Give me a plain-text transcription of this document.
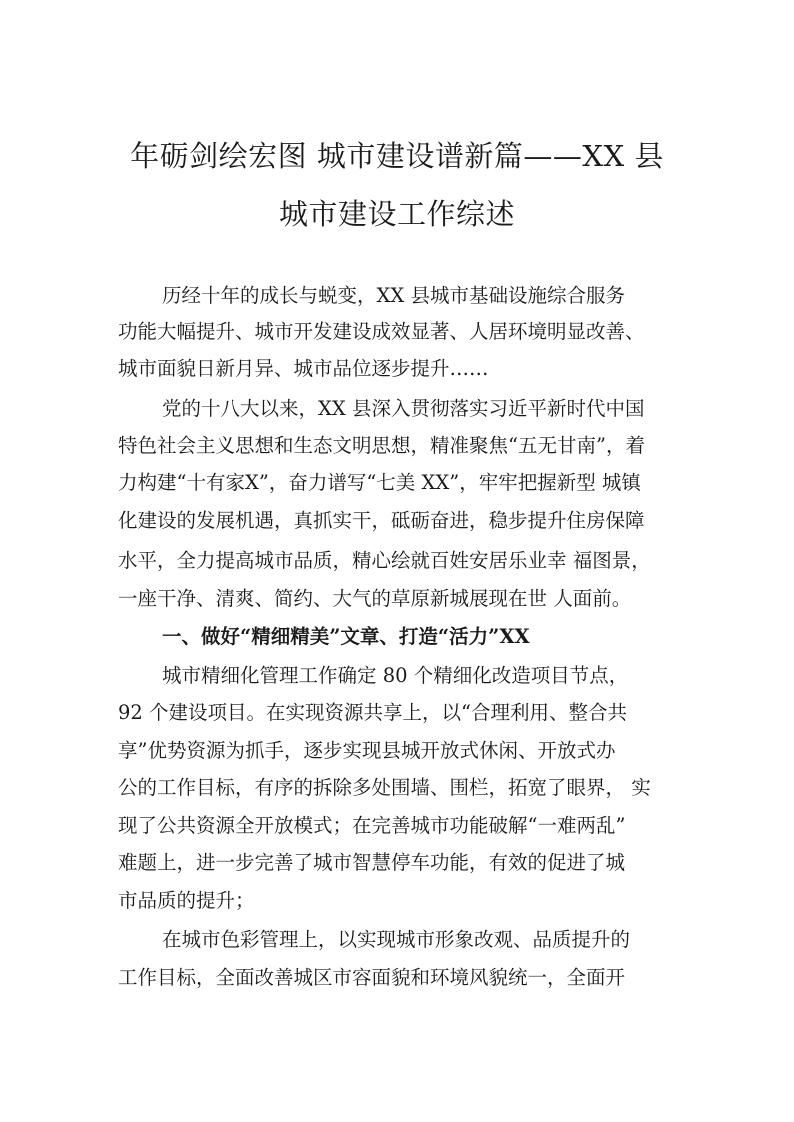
年砺剑绘宏图 城市建设谱新篇——XX 县
城市建设工作综述
历经十年的成长与蜕变，XX 县城市基础设施综合服务
功能大幅提升、城市开发建设成效显著、人居环境明显改善、
城市面貌日新月异、城市品位逐步提升……
党的十八大以来，XX 县深入贯彻落实习近平新时代中国
特色社会主义思想和生态文明思想，精准聚焦“五无甘南”，着
力构建“十有家X”，奋力谱写“七美 XX”，牢牢把握新型 城镇
化建设的发展机遇，真抓实干，砥砺奋进，稳步提升住房保障
水平，全力提高城市品质，精心绘就百姓安居乐业幸 福图景，
一座干净、清爽、简约、大气的草原新城展现在世 人面前。
一、做好“精细精美”文章、打造“活力”XX
城市精细化管理工作确定 80 个精细化改造项目节点，
92 个建设项目。在实现资源共享上，以“合理利用、整合共
享”优势资源为抓手，逐步实现县城开放式休闲、开放式办
公的工作目标，有序的拆除多处围墙、围栏，拓宽了眼界， 实
现了公共资源全开放模式；在完善城市功能破解“一难两乱”
难题上，进一步完善了城市智慧停车功能，有效的促进了城
市品质的提升；
在城市色彩管理上，以实现城市形象改观、品质提升的
工作目标，全面改善城区市容面貌和环境风貌统一，全面开
